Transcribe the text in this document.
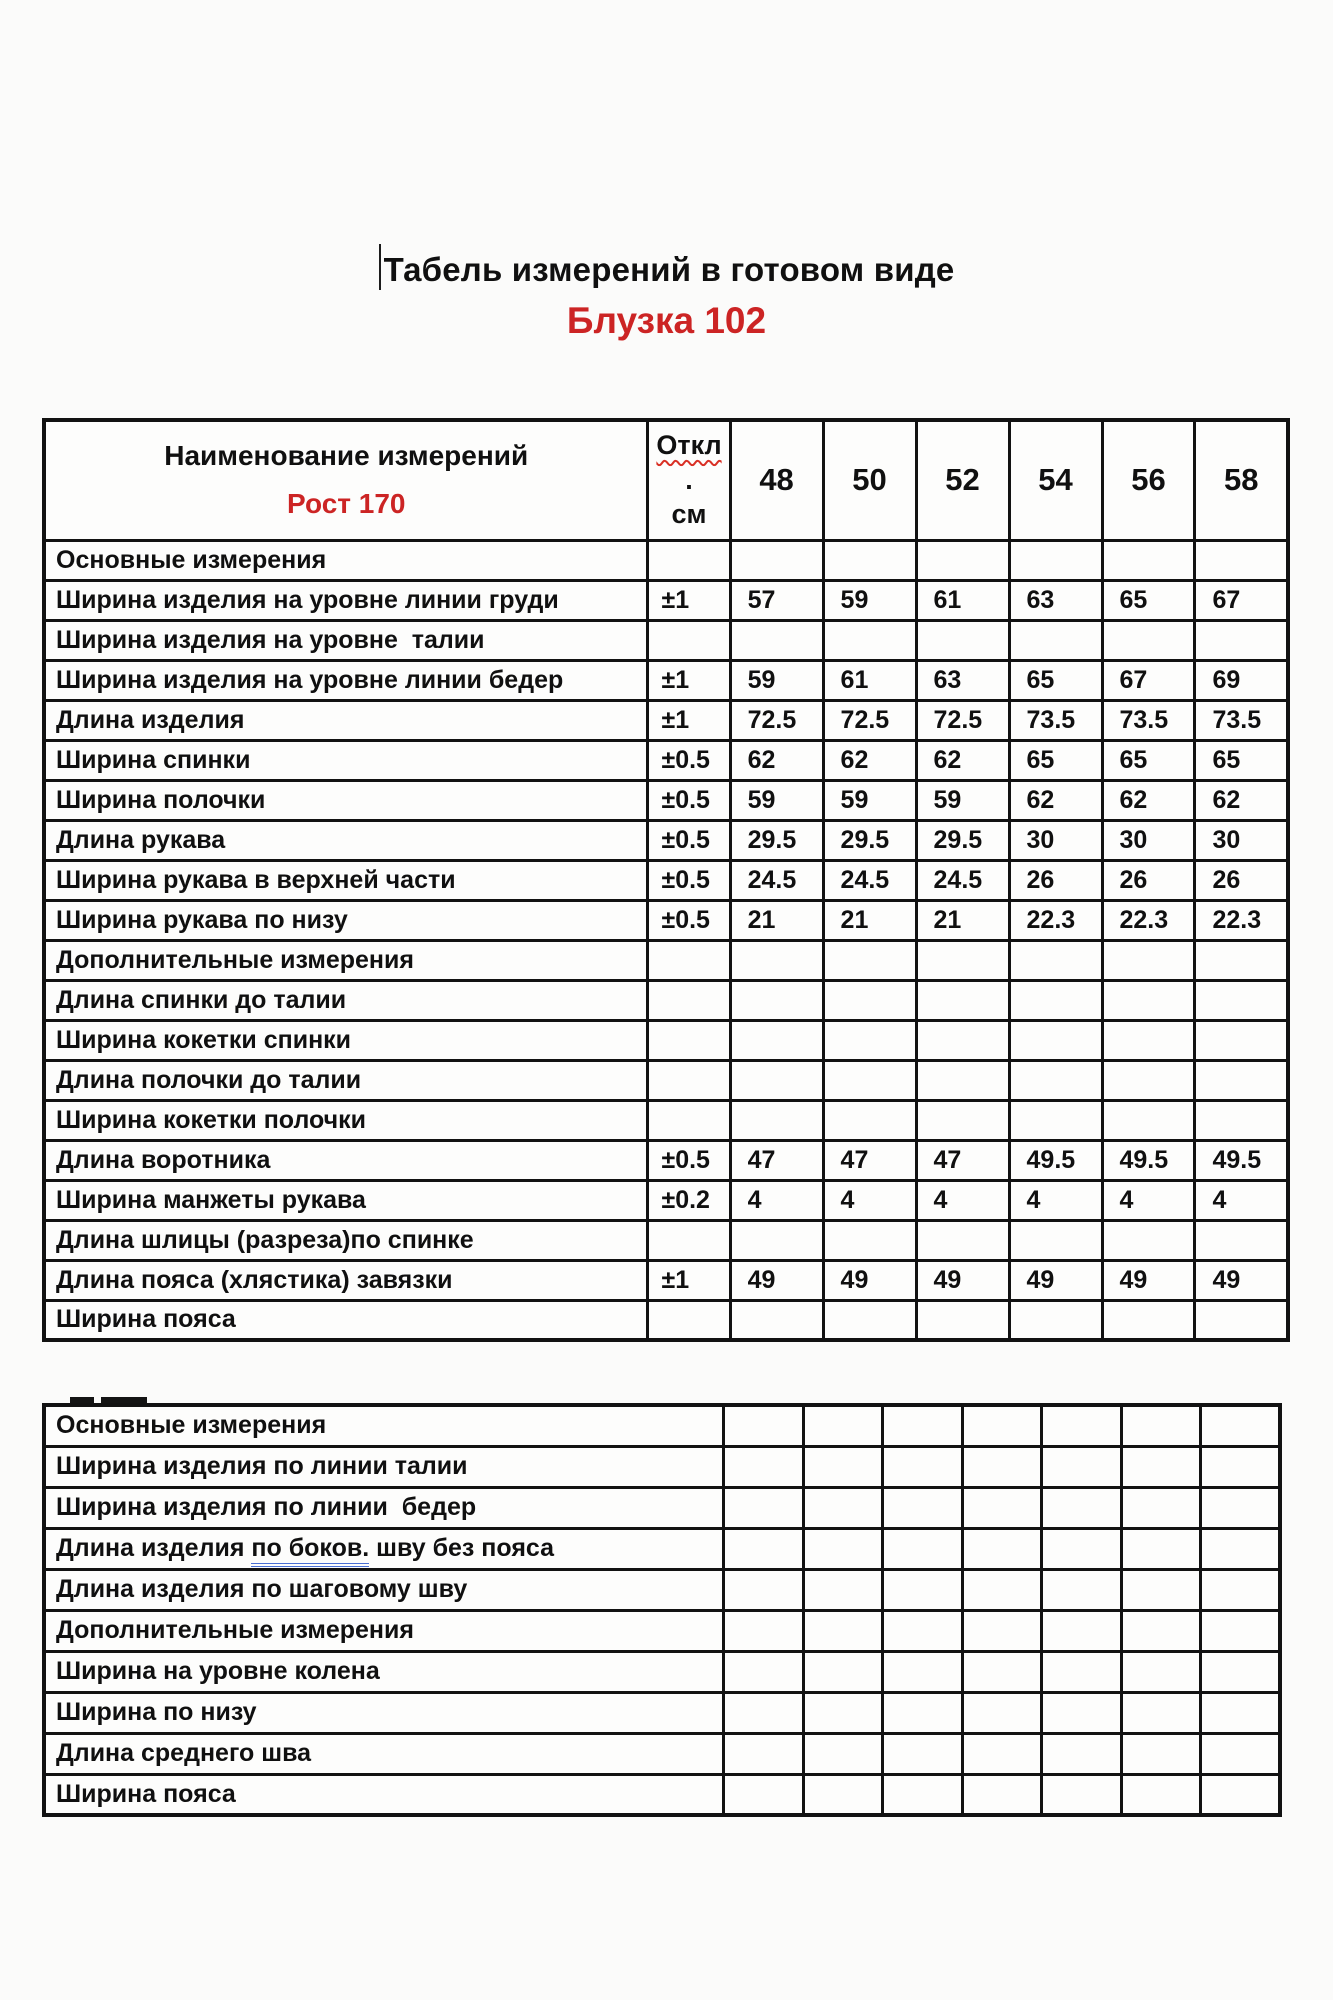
Табель измерений в готовом виде
Блузка 102
Наименование измерений
Рост 170

Откл
.
см
	48	50	52	54	56	58
Основные измерения							
Ширина изделия на уровне линии груди	±1	57	59	61	63	65	67
Ширина изделия на уровне  талии							
Ширина изделия на уровне линии бедер	±1	59	61	63	65	67	69
Длина изделия	±1	72.5	72.5	72.5	73.5	73.5	73.5
Ширина спинки	±0.5	62	62	62	65	65	65
Ширина полочки	±0.5	59	59	59	62	62	62
Длина рукава	±0.5	29.5	29.5	29.5	30	30	30
Ширина рукава в верхней части	±0.5	24.5	24.5	24.5	26	26	26
Ширина рукава по низу	±0.5	21	21	21	22.3	22.3	22.3
Дополнительные измерения							
Длина спинки до талии							
Ширина кокетки спинки							
Длина полочки до талии							
Ширина кокетки полочки							
Длина воротника	±0.5	47	47	47	49.5	49.5	49.5
Ширина манжеты рукава	±0.2	4	4	4	4	4	4
Длина шлицы (разреза)по спинке							
Длина пояса (хлястика) завязки	±1	49	49	49	49	49	49
Ширина пояса							
Основные измерения							
Ширина изделия по линии талии							
Ширина изделия по линии  бедер							
Длина изделия по боков. шву без пояса							
Длина изделия по шаговому шву							
Дополнительные измерения							
Ширина на уровне колена							
Ширина по низу							
Длина среднего шва							
Ширина пояса							
